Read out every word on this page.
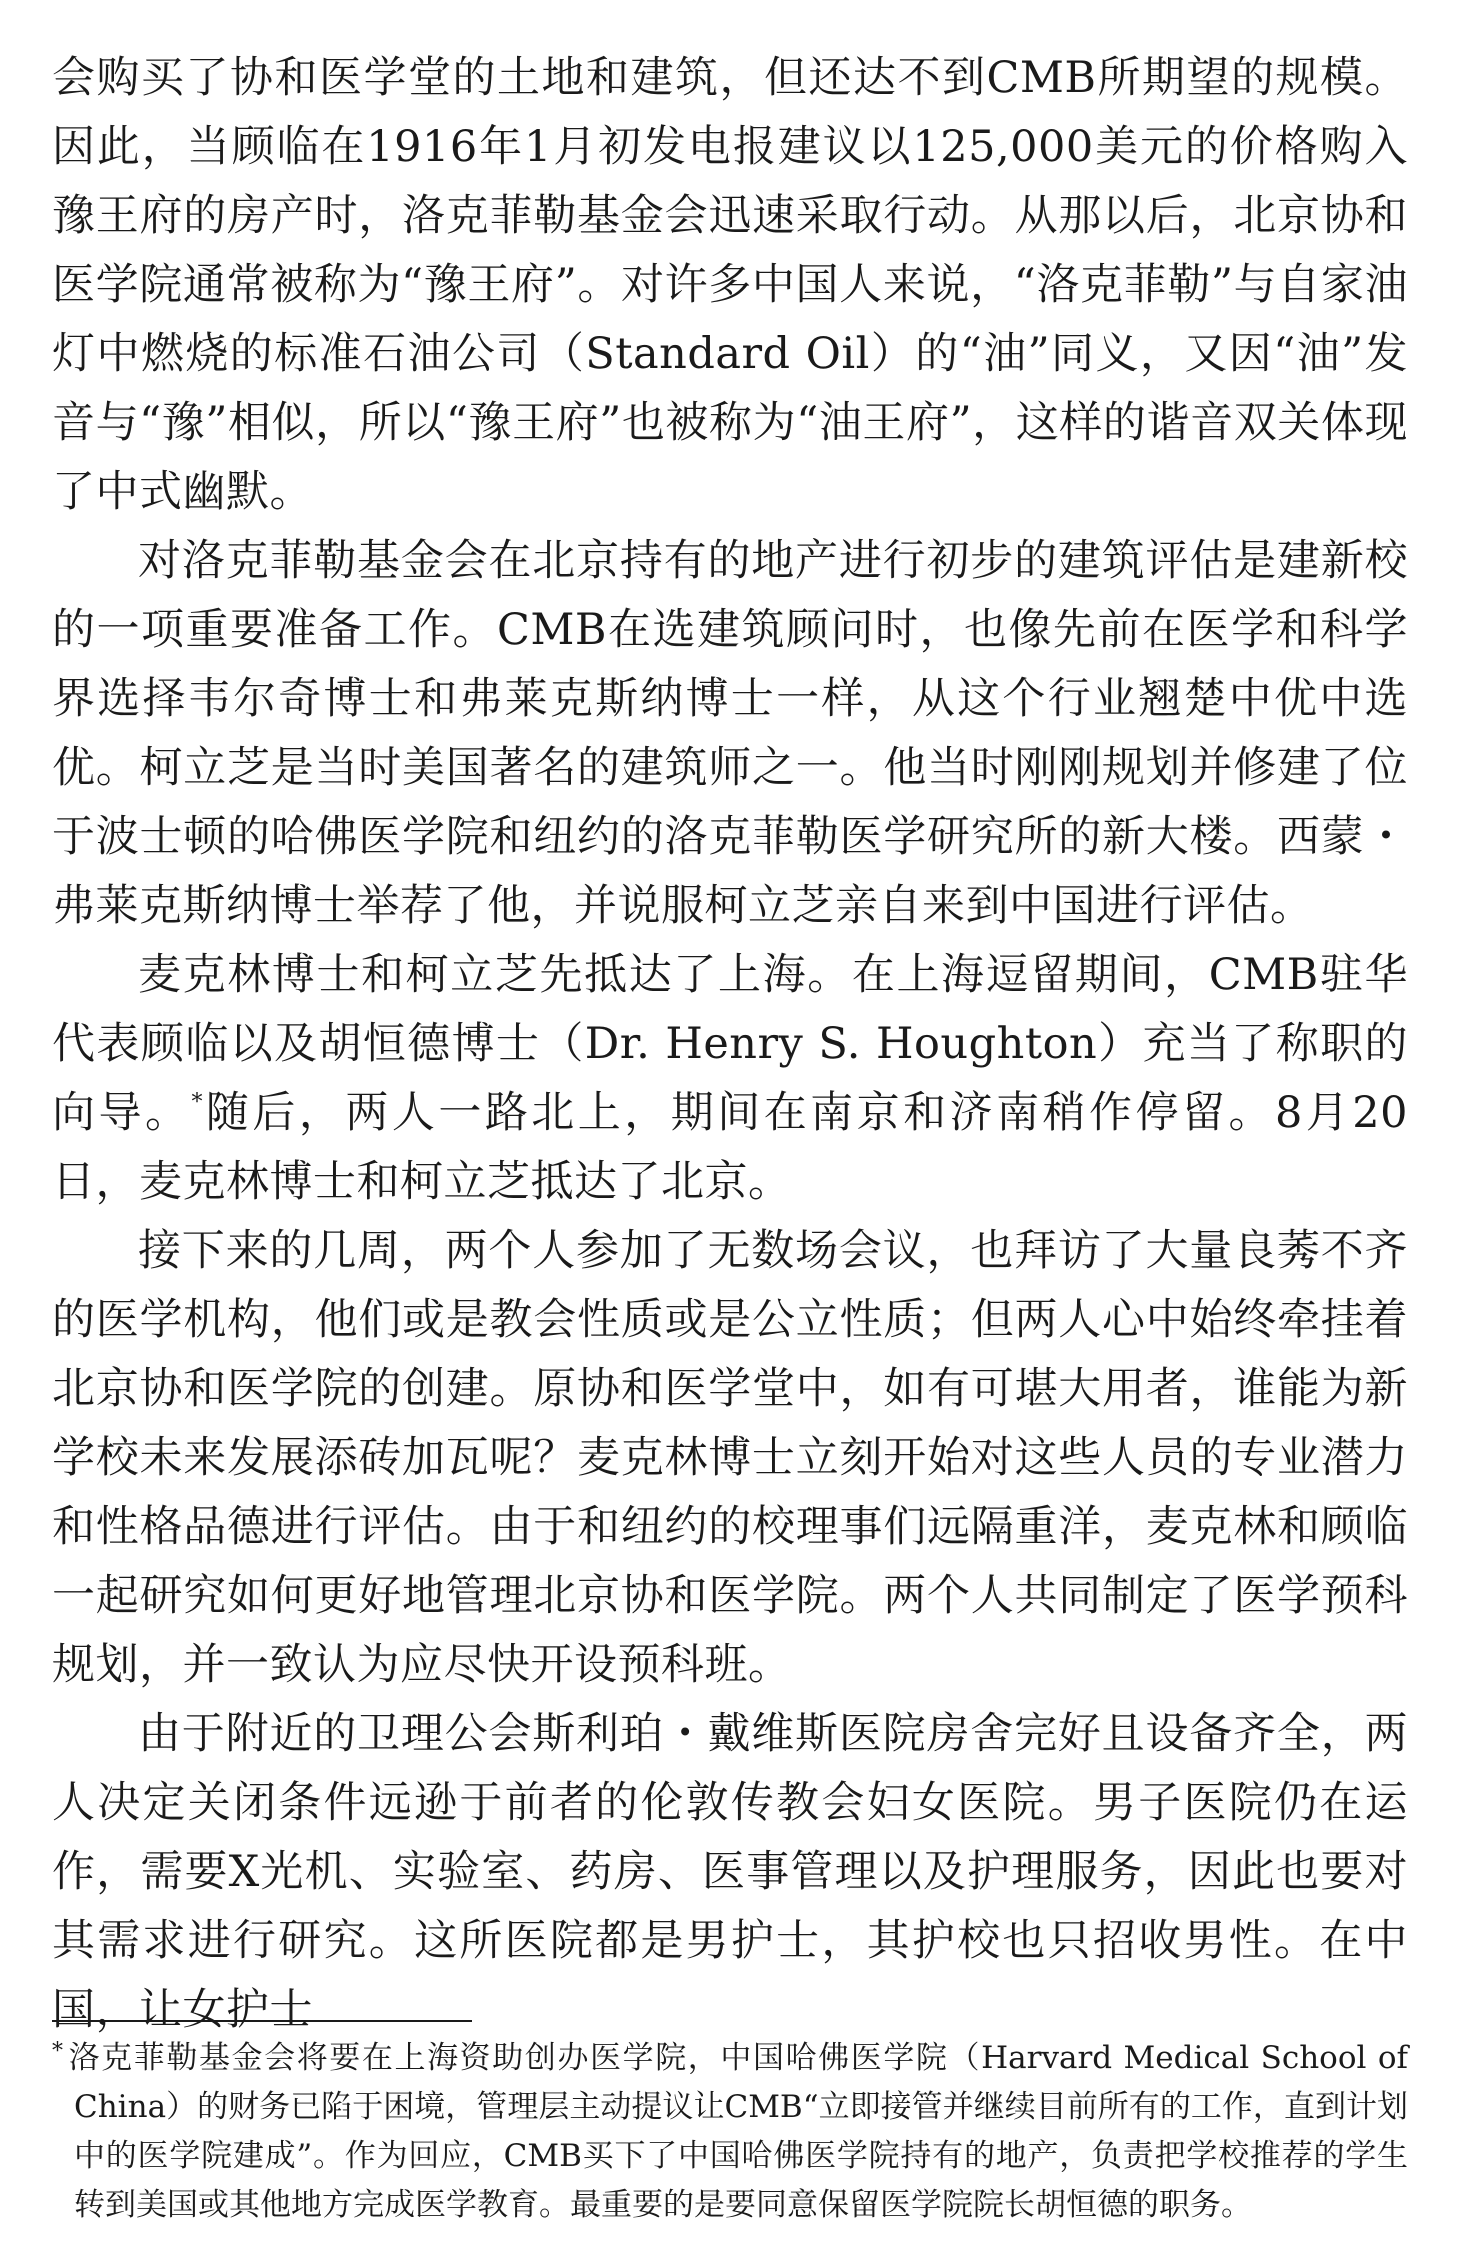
会购买了协和医学堂的土地和建筑，但还达不到CMB所期望的规模。因此，当顾临在1916年1月初发电报建议以125,000美元的价格购入豫王府的房产时，洛克菲勒基金会迅速采取行动。从那以后，北京协和医学院通常被称为“豫王府”。对许多中国人来说，“洛克菲勒”与自家油灯中燃烧的标准石油公司（Standard Oil）的“油”同义，又因“油”发音与“豫”相似，所以“豫王府”也被称为“油王府”，这样的谐音双关体现了中式幽默。

对洛克菲勒基金会在北京持有的地产进行初步的建筑评估是建新校的一项重要准备工作。CMB在选建筑顾问时，也像先前在医学和科学界选择韦尔奇博士和弗莱克斯纳博士一样，从这个行业翘楚中优中选优。柯立芝是当时美国著名的建筑师之一。他当时刚刚规划并修建了位于波士顿的哈佛医学院和纽约的洛克菲勒医学研究所的新大楼。西蒙・弗莱克斯纳博士举荐了他，并说服柯立芝亲自来到中国进行评估。

麦克林博士和柯立芝先抵达了上海。在上海逗留期间，CMB驻华代表顾临以及胡恒德博士（Dr. Henry S. Houghton）充当了称职的向导。*随后，两人一路北上，期间在南京和济南稍作停留。8月20日，麦克林博士和柯立芝抵达了北京。

接下来的几周，两个人参加了无数场会议，也拜访了大量良莠不齐的医学机构，他们或是教会性质或是公立性质；但两人心中始终牵挂着北京协和医学院的创建。原协和医学堂中，如有可堪大用者，谁能为新学校未来发展添砖加瓦呢？麦克林博士立刻开始对这些人员的专业潜力和性格品德进行评估。由于和纽约的校理事们远隔重洋，麦克林和顾临一起研究如何更好地管理北京协和医学院。两个人共同制定了医学预科规划，并一致认为应尽快开设预科班。

由于附近的卫理公会斯利珀・戴维斯医院房舍完好且设备齐全，两人决定关闭条件远逊于前者的伦敦传教会妇女医院。男子医院仍在运作，需要X光机、实验室、药房、医事管理以及护理服务，因此也要对其需求进行研究。这所医院都是男护士，其护校也只招收男性。在中国，让女护士

* 洛克菲勒基金会将要在上海资助创办医学院，中国哈佛医学院（Harvard Medical School of China）的财务已陷于困境，管理层主动提议让CMB“立即接管并继续目前所有的工作，直到计划中的医学院建成”。作为回应，CMB买下了中国哈佛医学院持有的地产，负责把学校推荐的学生转到美国或其他地方完成医学教育。最重要的是要同意保留医学院院长胡恒德的职务。
